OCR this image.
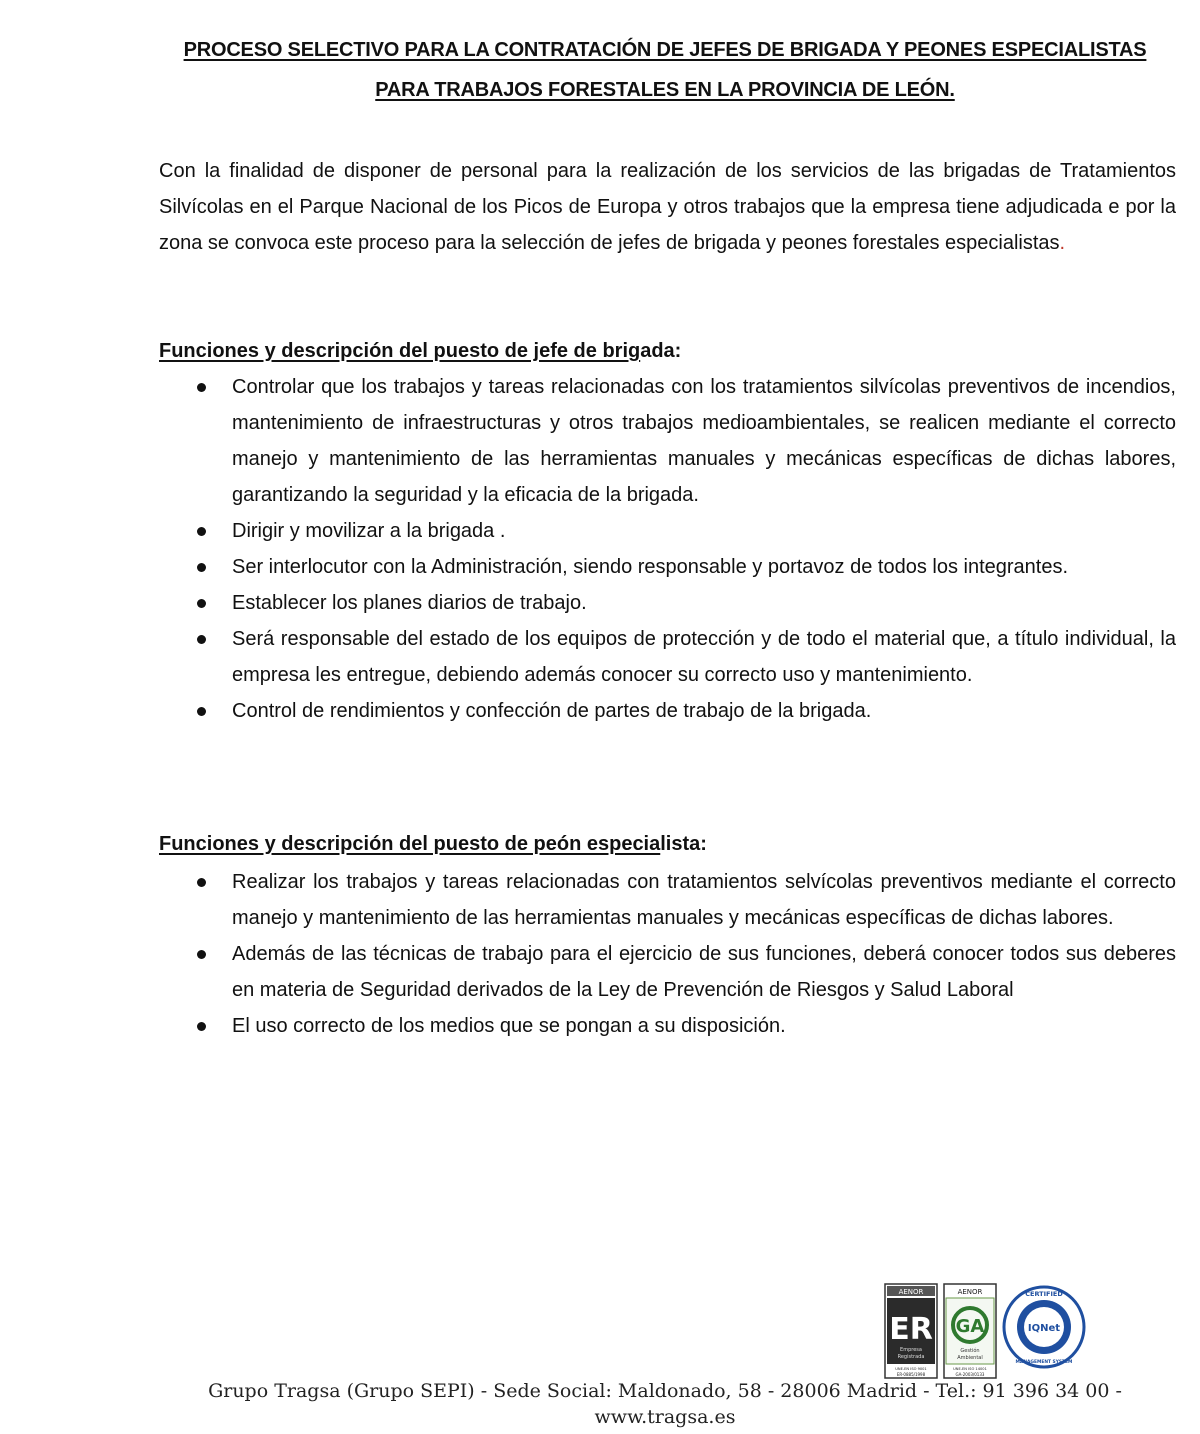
PROCESO SELECTIVO PARA LA CONTRATACIÓN DE JEFES DE BRIGADA Y PEONES ESPECIALISTAS
PARA TRABAJOS FORESTALES EN LA PROVINCIA DE LEÓN.

Con la finalidad de disponer de personal para la realización de los servicios de las brigadas de Tratamientos Silvícolas en el Parque Nacional de los Picos de Europa y otros trabajos que la empresa tiene adjudicada e por la zona se convoca este proceso para la selección de jefes de brigada y peones forestales especialistas.

Funciones y descripción del puesto de jefe de brigada:

Controlar que los trabajos y tareas relacionadas con los tratamientos silvícolas preventivos de incendios, mantenimiento de infraestructuras y otros trabajos medioambientales, se realicen mediante el correcto manejo y mantenimiento de las herramientas manuales y mecánicas específicas de dichas labores, garantizando la seguridad y la eficacia de la brigada.
Dirigir y movilizar a la brigada .
Ser interlocutor con la Administración, siendo responsable y portavoz de todos los integrantes.
Establecer los planes diarios de trabajo.
Será responsable del estado de los equipos de protección y de todo el material que, a título individual, la empresa les entregue, debiendo además conocer su correcto uso y mantenimiento.
Control de rendimientos y confección de partes de trabajo de la brigada.

Funciones y descripción del puesto de peón especialista:

Realizar los trabajos y tareas relacionadas con tratamientos selvícolas preventivos mediante el correcto manejo y mantenimiento de las herramientas manuales y mecánicas específicas de dichas labores.
Además de las técnicas de trabajo para el ejercicio de sus funciones, deberá conocer todos sus deberes en materia de Seguridad derivados de la Ley de Prevención de Riesgos y Salud Laboral
El uso correcto de los medios que se pongan a su disposición.
AENOR
ER
Empresa
Registrada
UNE-EN ISO 9001
ER-0885/1998
AENOR
GA
Gestión
Ambiental
UNE-EN ISO 14001
GA-2003/0133
CERTIFIED
IQNet
MANAGEMENT SYSTEM
Grupo Tragsa (Grupo SEPI) - Sede Social: Maldonado, 58 - 28006 Madrid - Tel.: 91 396 34 00 -
www.tragsa.es
